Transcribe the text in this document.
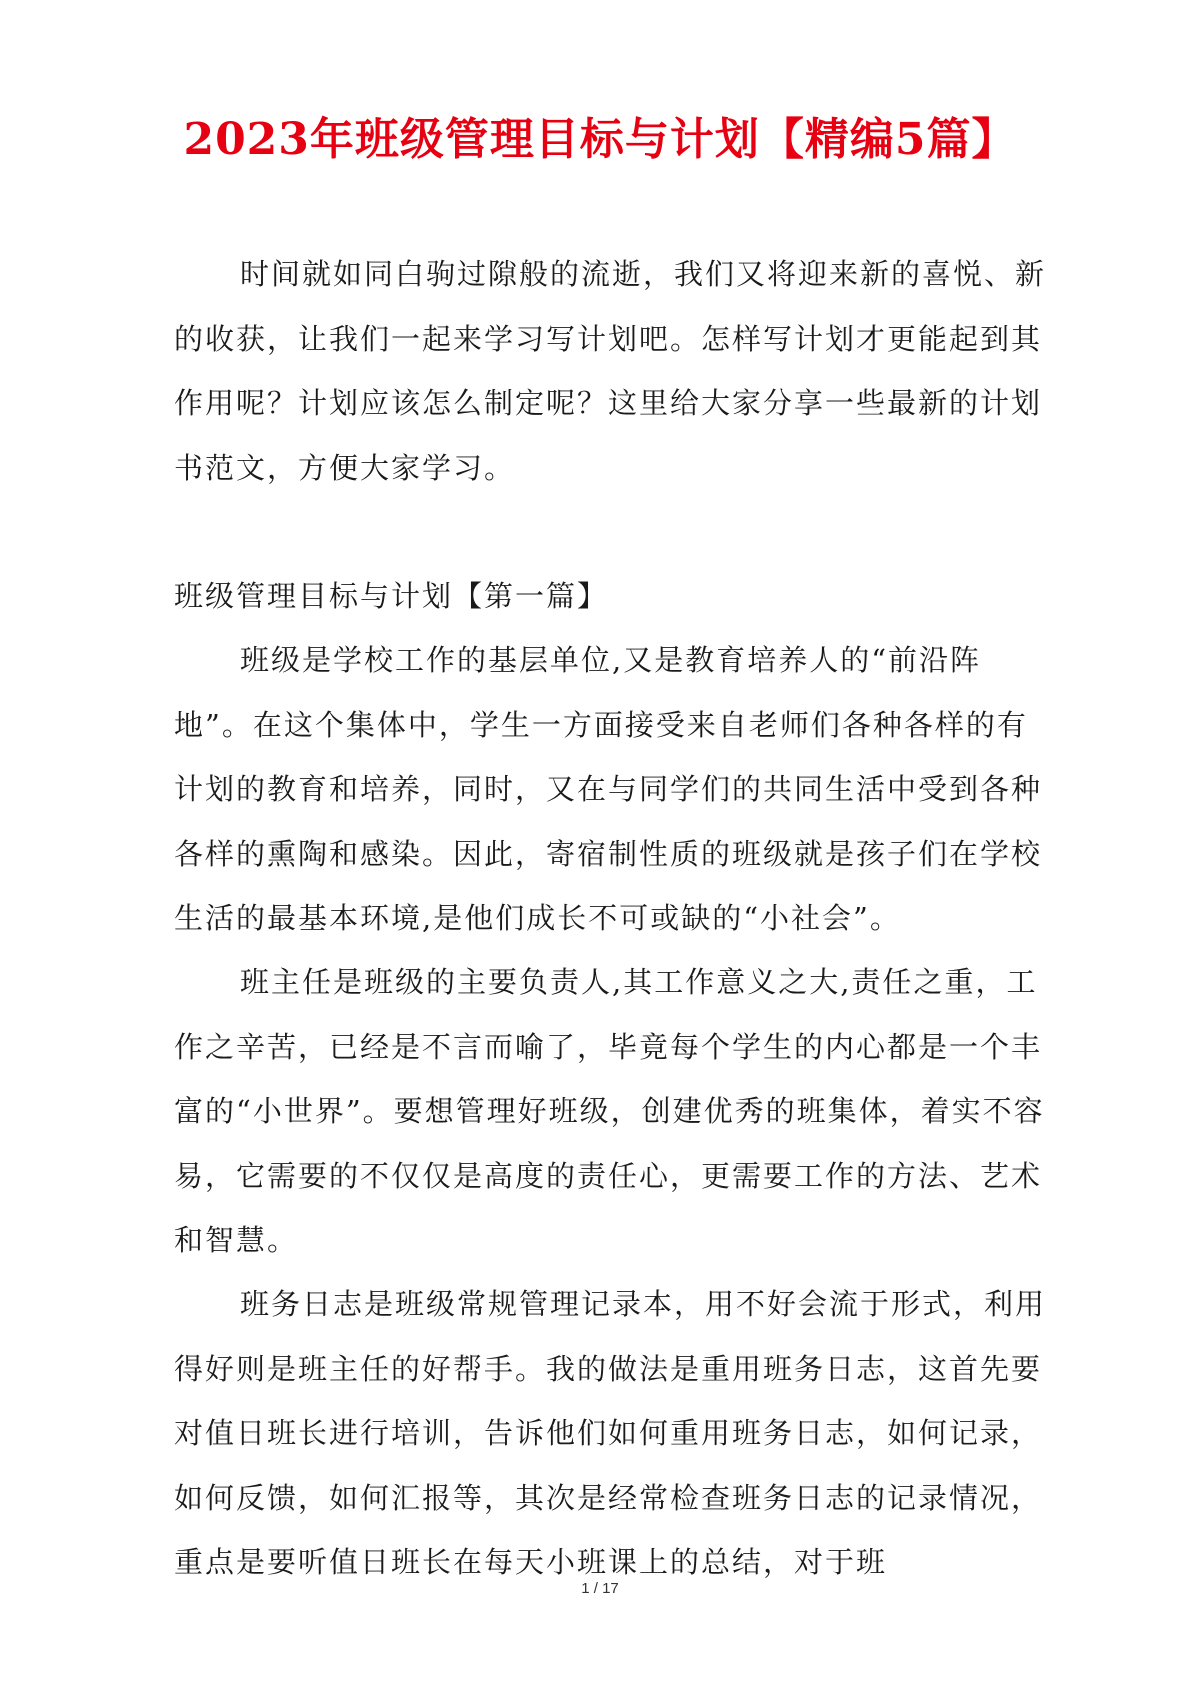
2023年班级管理目标与计划【精编5篇】

时间就如同白驹过隙般的流逝，我们又将迎来新的喜悦、新的收获，让我们一起来学习写计划吧。怎样写计划才更能起到其作用呢？计划应该怎么制定呢？这里给大家分享一些最新的计划书范文，方便大家学习。

班级管理目标与计划【第一篇】

班级是学校工作的基层单位,又是教育培养人的“前沿阵地”。在这个集体中，学生一方面接受来自老师们各种各样的有计划的教育和培养，同时，又在与同学们的共同生活中受到各种各样的熏陶和感染。因此，寄宿制性质的班级就是孩子们在学校生活的最基本环境,是他们成长不可或缺的“小社会”。

班主任是班级的主要负责人,其工作意义之大,责任之重，工作之辛苦，已经是不言而喻了，毕竟每个学生的内心都是一个丰富的“小世界”。要想管理好班级，创建优秀的班集体，着实不容易，它需要的不仅仅是高度的责任心，更需要工作的方法、艺术和智慧。

班务日志是班级常规管理记录本，用不好会流于形式，利用得好则是班主任的好帮手。我的做法是重用班务日志，这首先要对值日班长进行培训，告诉他们如何重用班务日志，如何记录，如何反馈，如何汇报等，其次是经常检查班务日志的记录情况，重点是要听值日班长在每天小班课上的总结，对于班

1 / 17
